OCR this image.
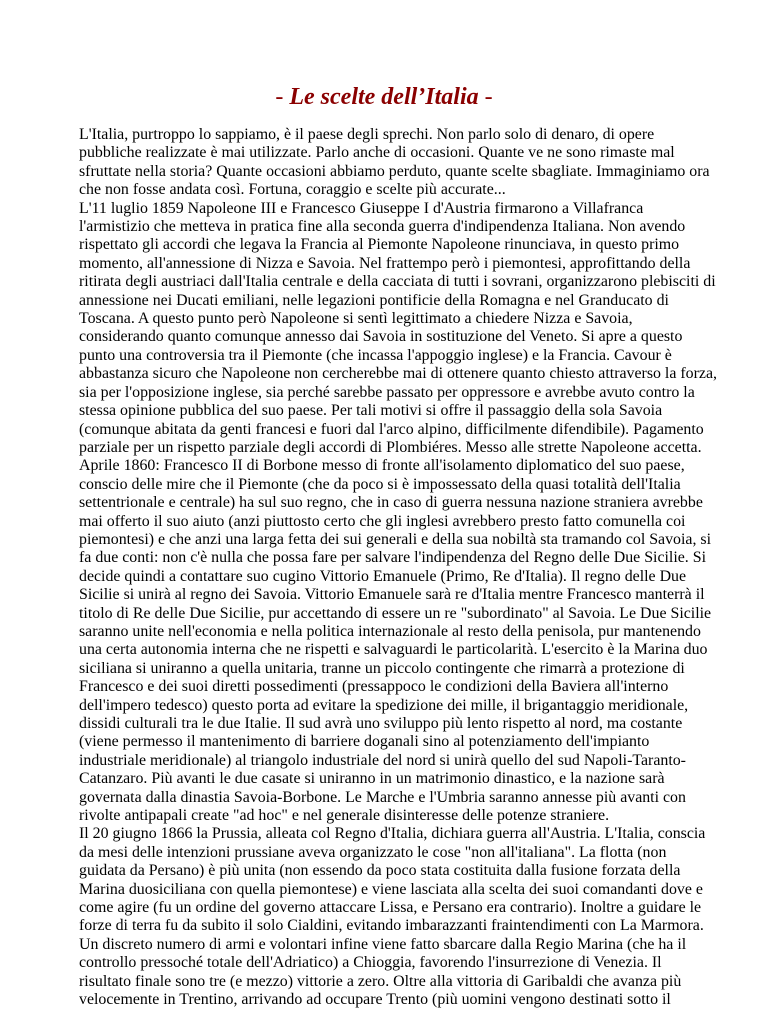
- Le scelte dell’Italia -
L'Italia, purtroppo lo sappiamo, è il paese degli sprechi. Non parlo solo di denaro, di opere
pubbliche realizzate è mai utilizzate. Parlo anche di occasioni. Quante ve ne sono rimaste mal
sfruttate nella storia? Quante occasioni abbiamo perduto, quante scelte sbagliate. Immaginiamo ora
che non fosse andata così. Fortuna, coraggio e scelte più accurate...
L'11 luglio 1859 Napoleone III e Francesco Giuseppe I d'Austria firmarono a Villafranca
l'armistizio che metteva in pratica fine alla seconda guerra d'indipendenza Italiana. Non avendo
rispettato gli accordi che legava la Francia al Piemonte Napoleone rinunciava, in questo primo
momento, all'annessione di Nizza e Savoia. Nel frattempo però i piemontesi, approfittando della
ritirata degli austriaci dall'Italia centrale e della cacciata di tutti i sovrani, organizzarono plebisciti di
annessione nei Ducati emiliani, nelle legazioni pontificie della Romagna e nel Granducato di
Toscana. A questo punto però Napoleone si sentì legittimato a chiedere Nizza e Savoia,
considerando quanto comunque annesso dai Savoia in sostituzione del Veneto. Si apre a questo
punto una controversia tra il Piemonte (che incassa l'appoggio inglese) e la Francia. Cavour è
abbastanza sicuro che Napoleone non cercherebbe mai di ottenere quanto chiesto attraverso la forza,
sia per l'opposizione inglese, sia perché sarebbe passato per oppressore e avrebbe avuto contro la
stessa opinione pubblica del suo paese. Per tali motivi si offre il passaggio della sola Savoia
(comunque abitata da genti francesi e fuori dal l'arco alpino, difficilmente difendibile). Pagamento
parziale per un rispetto parziale degli accordi di Plombiéres. Messo alle strette Napoleone accetta.
Aprile 1860: Francesco II di Borbone messo di fronte all'isolamento diplomatico del suo paese,
conscio delle mire che il Piemonte (che da poco si è impossessato della quasi totalità dell'Italia
settentrionale e centrale) ha sul suo regno, che in caso di guerra nessuna nazione straniera avrebbe
mai offerto il suo aiuto (anzi piuttosto certo che gli inglesi avrebbero presto fatto comunella coi
piemontesi) e che anzi una larga fetta dei sui generali e della sua nobiltà sta tramando col Savoia, si
fa due conti: non c'è nulla che possa fare per salvare l'indipendenza del Regno delle Due Sicilie. Si
decide quindi a contattare suo cugino Vittorio Emanuele (Primo, Re d'Italia). Il regno delle Due
Sicilie si unirà al regno dei Savoia. Vittorio Emanuele sarà re d'Italia mentre Francesco manterrà il
titolo di Re delle Due Sicilie, pur accettando di essere un re "subordinato" al Savoia. Le Due Sicilie
saranno unite nell'economia e nella politica internazionale al resto della penisola, pur mantenendo
una certa autonomia interna che ne rispetti e salvaguardi le particolarità. L'esercito è la Marina duo
siciliana si uniranno a quella unitaria, tranne un piccolo contingente che rimarrà a protezione di
Francesco e dei suoi diretti possedimenti (pressappoco le condizioni della Baviera all'interno
dell'impero tedesco) questo porta ad evitare la spedizione dei mille, il brigantaggio meridionale,
dissidi culturali tra le due Italie. Il sud avrà uno sviluppo più lento rispetto al nord, ma costante
(viene permesso il mantenimento di barriere doganali sino al potenziamento dell'impianto
industriale meridionale) al triangolo industriale del nord si unirà quello del sud Napoli-Taranto-
Catanzaro. Più avanti le due casate si uniranno in un matrimonio dinastico, e la nazione sarà
governata dalla dinastia Savoia-Borbone. Le Marche e l'Umbria saranno annesse più avanti con
rivolte antipapali create "ad hoc" e nel generale disinteresse delle potenze straniere.
Il 20 giugno 1866 la Prussia, alleata col Regno d'Italia, dichiara guerra all'Austria. L'Italia, conscia
da mesi delle intenzioni prussiane aveva organizzato le cose "non all'italiana". La flotta (non
guidata da Persano) è più unita (non essendo da poco stata costituita dalla fusione forzata della
Marina duosiciliana con quella piemontese) e viene lasciata alla scelta dei suoi comandanti dove e
come agire (fu un ordine del governo attaccare Lissa, e Persano era contrario). Inoltre a guidare le
forze di terra fu da subito il solo Cialdini, evitando imbarazzanti fraintendimenti con La Marmora.
Un discreto numero di armi e volontari infine viene fatto sbarcare dalla Regio Marina (che ha il
controllo pressoché totale dell'Adriatico) a Chioggia, favorendo l'insurrezione di Venezia. Il
risultato finale sono tre (e mezzo) vittorie a zero. Oltre alla vittoria di Garibaldi che avanza più
velocemente in Trentino, arrivando ad occupare Trento (più uomini vengono destinati sotto il
